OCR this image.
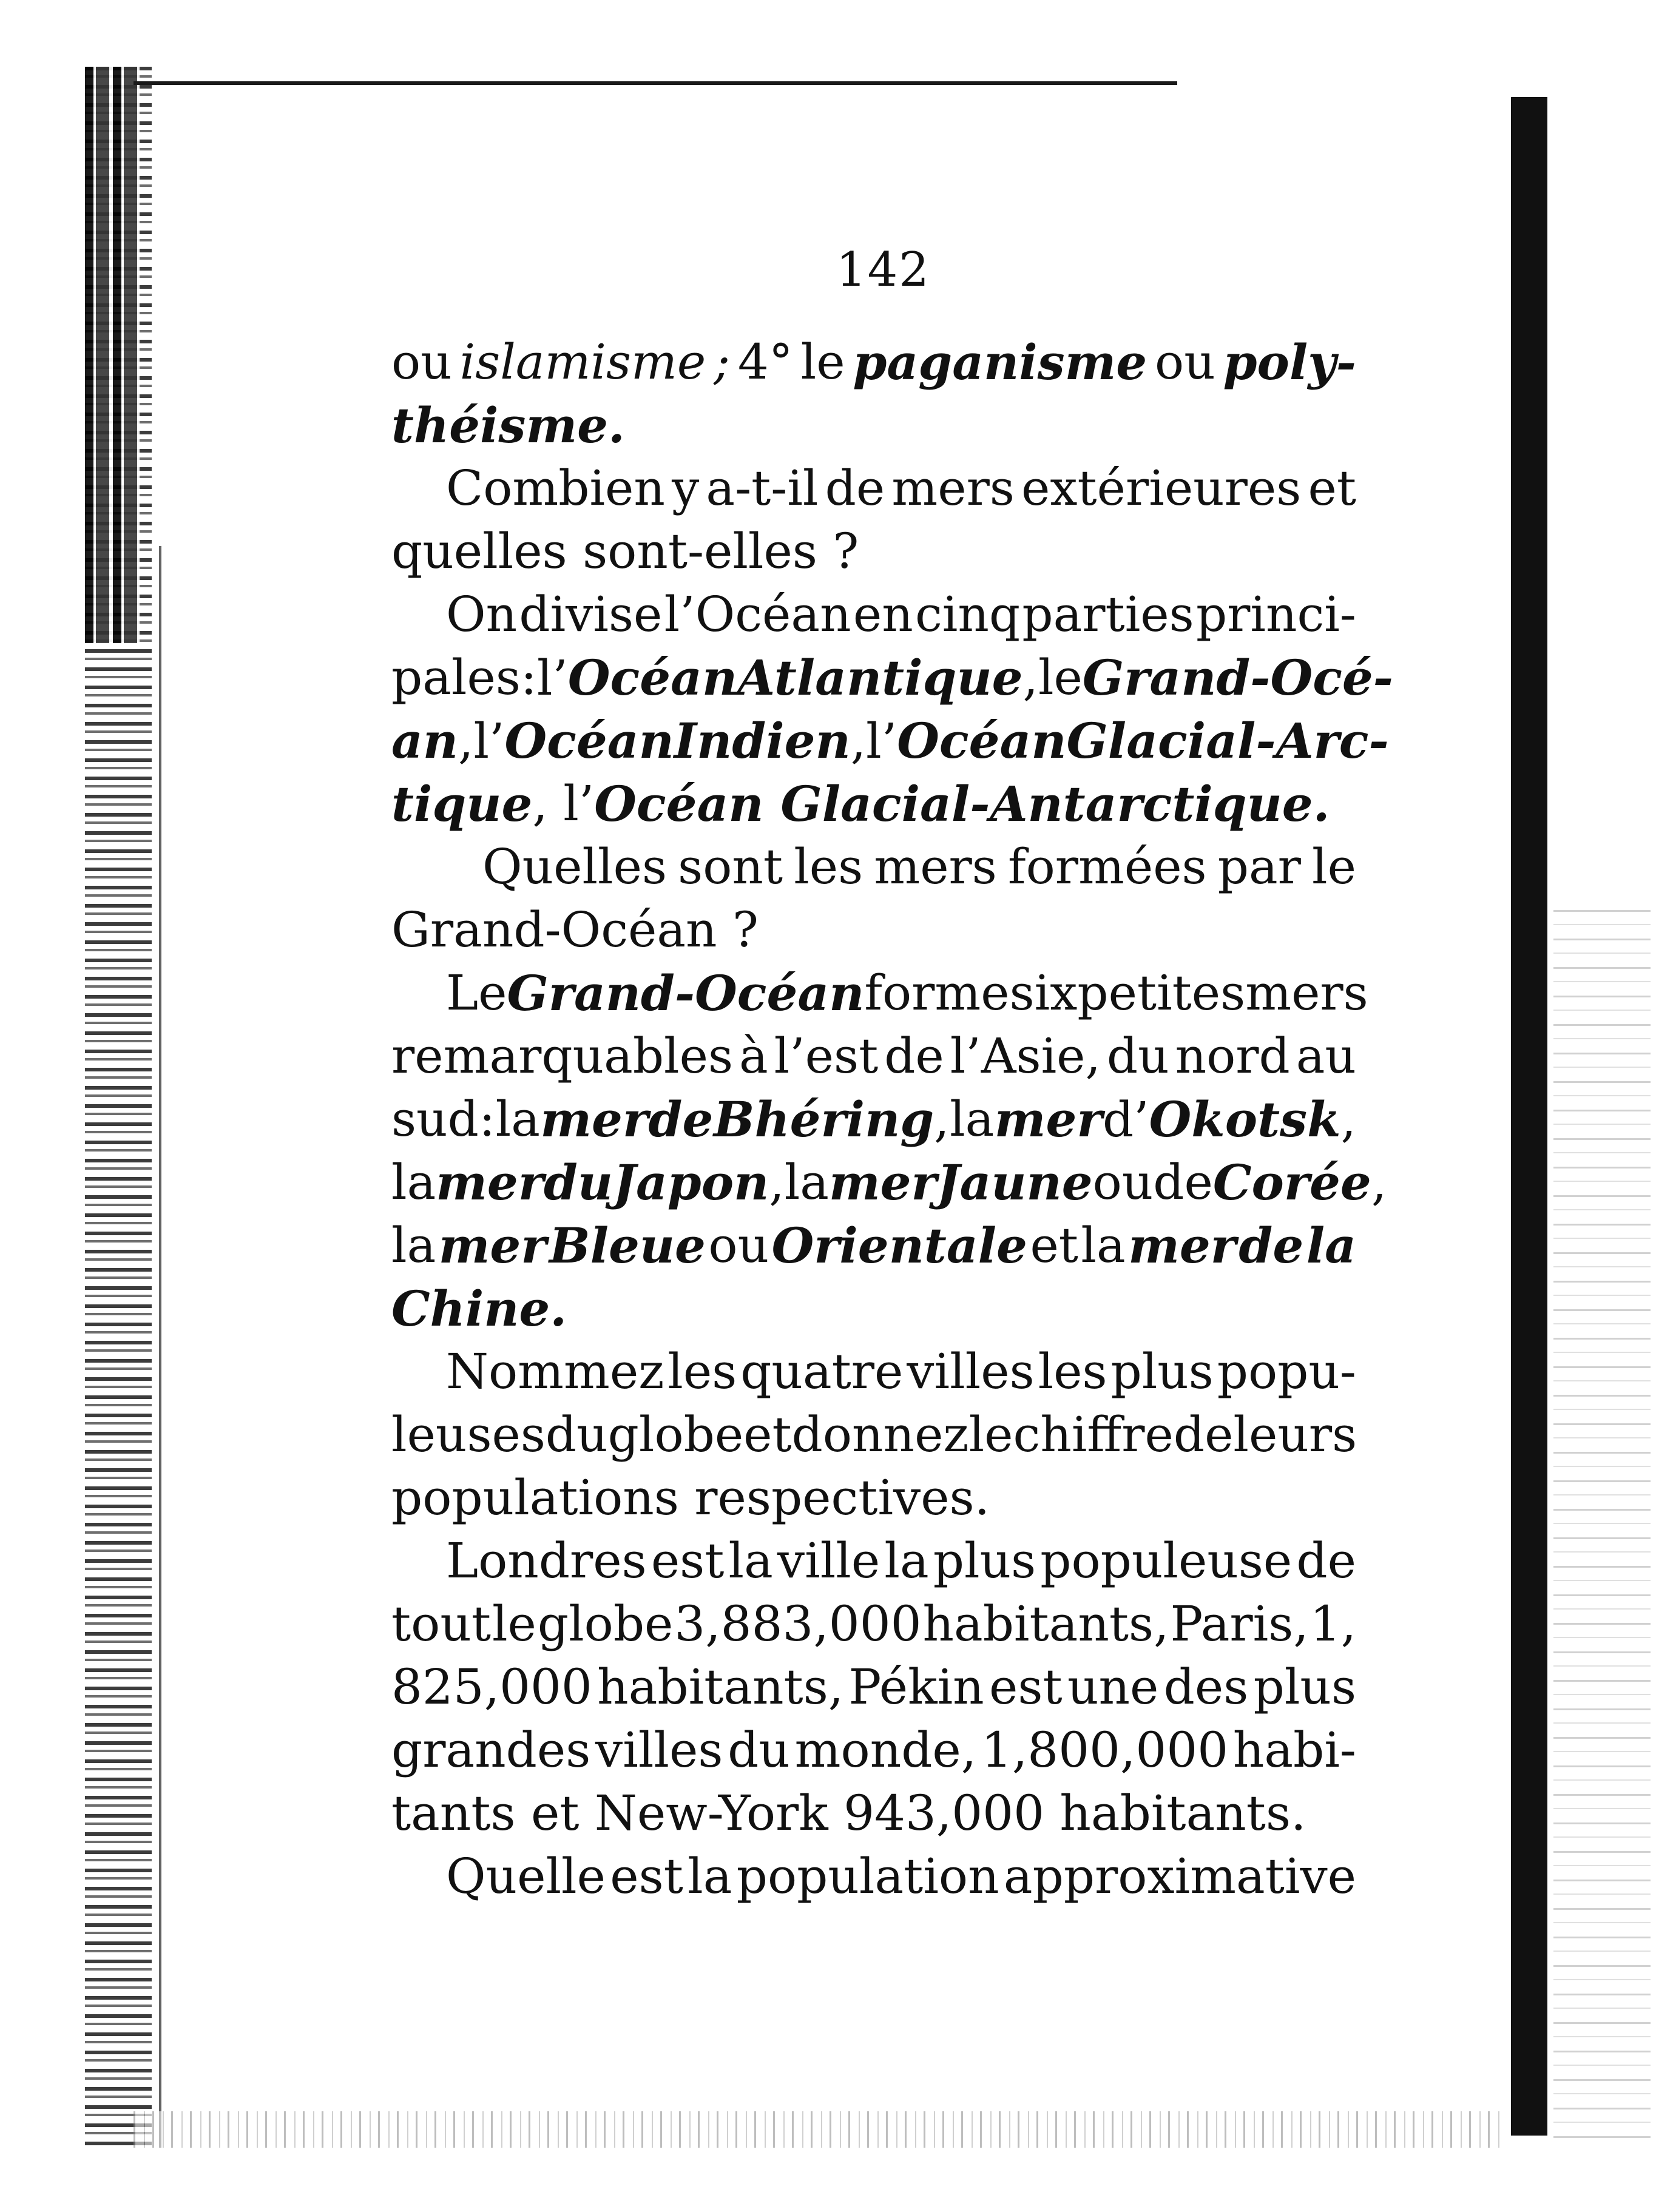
142
ou islamisme ; 4° le paganisme ou poly-
théisme.
Combien y a-t-il de mers extérieures et
quelles sont-elles ?
On divise l’Océan en cinq parties princi-
pales : l’Océan Atlantique, le Grand-Océ-
an, l’Océan Indien, l’Océan Glacial-Arc-
tique , l’ Océan Glacial-Antarctique.
Quelles sont les mers formées par le
Grand-Océan ?
Le Grand-Océan forme six petites mers
remarquables à l’est de l’Asie, du nord au
sud : la mer de Bhéring, la mer d’Okotsk,
la mer du Japon, la mer Jaune ou de Corée,
la mer Bleue ou Orientale et la mer de la
Chine.
Nommez les quatre villes les plus popu-
leuses du globe et donnez le chiffre de leurs
populations respectives.
Londres est la ville la plus populeuse de
tout le globe 3,883,000 habitants, Paris, 1,
825,000 habitants, Pékin est une des plus
grandes villes du monde, 1,800,000 habi-
tants et New-York 943,000 habitants.
Quelle est la population approximative
